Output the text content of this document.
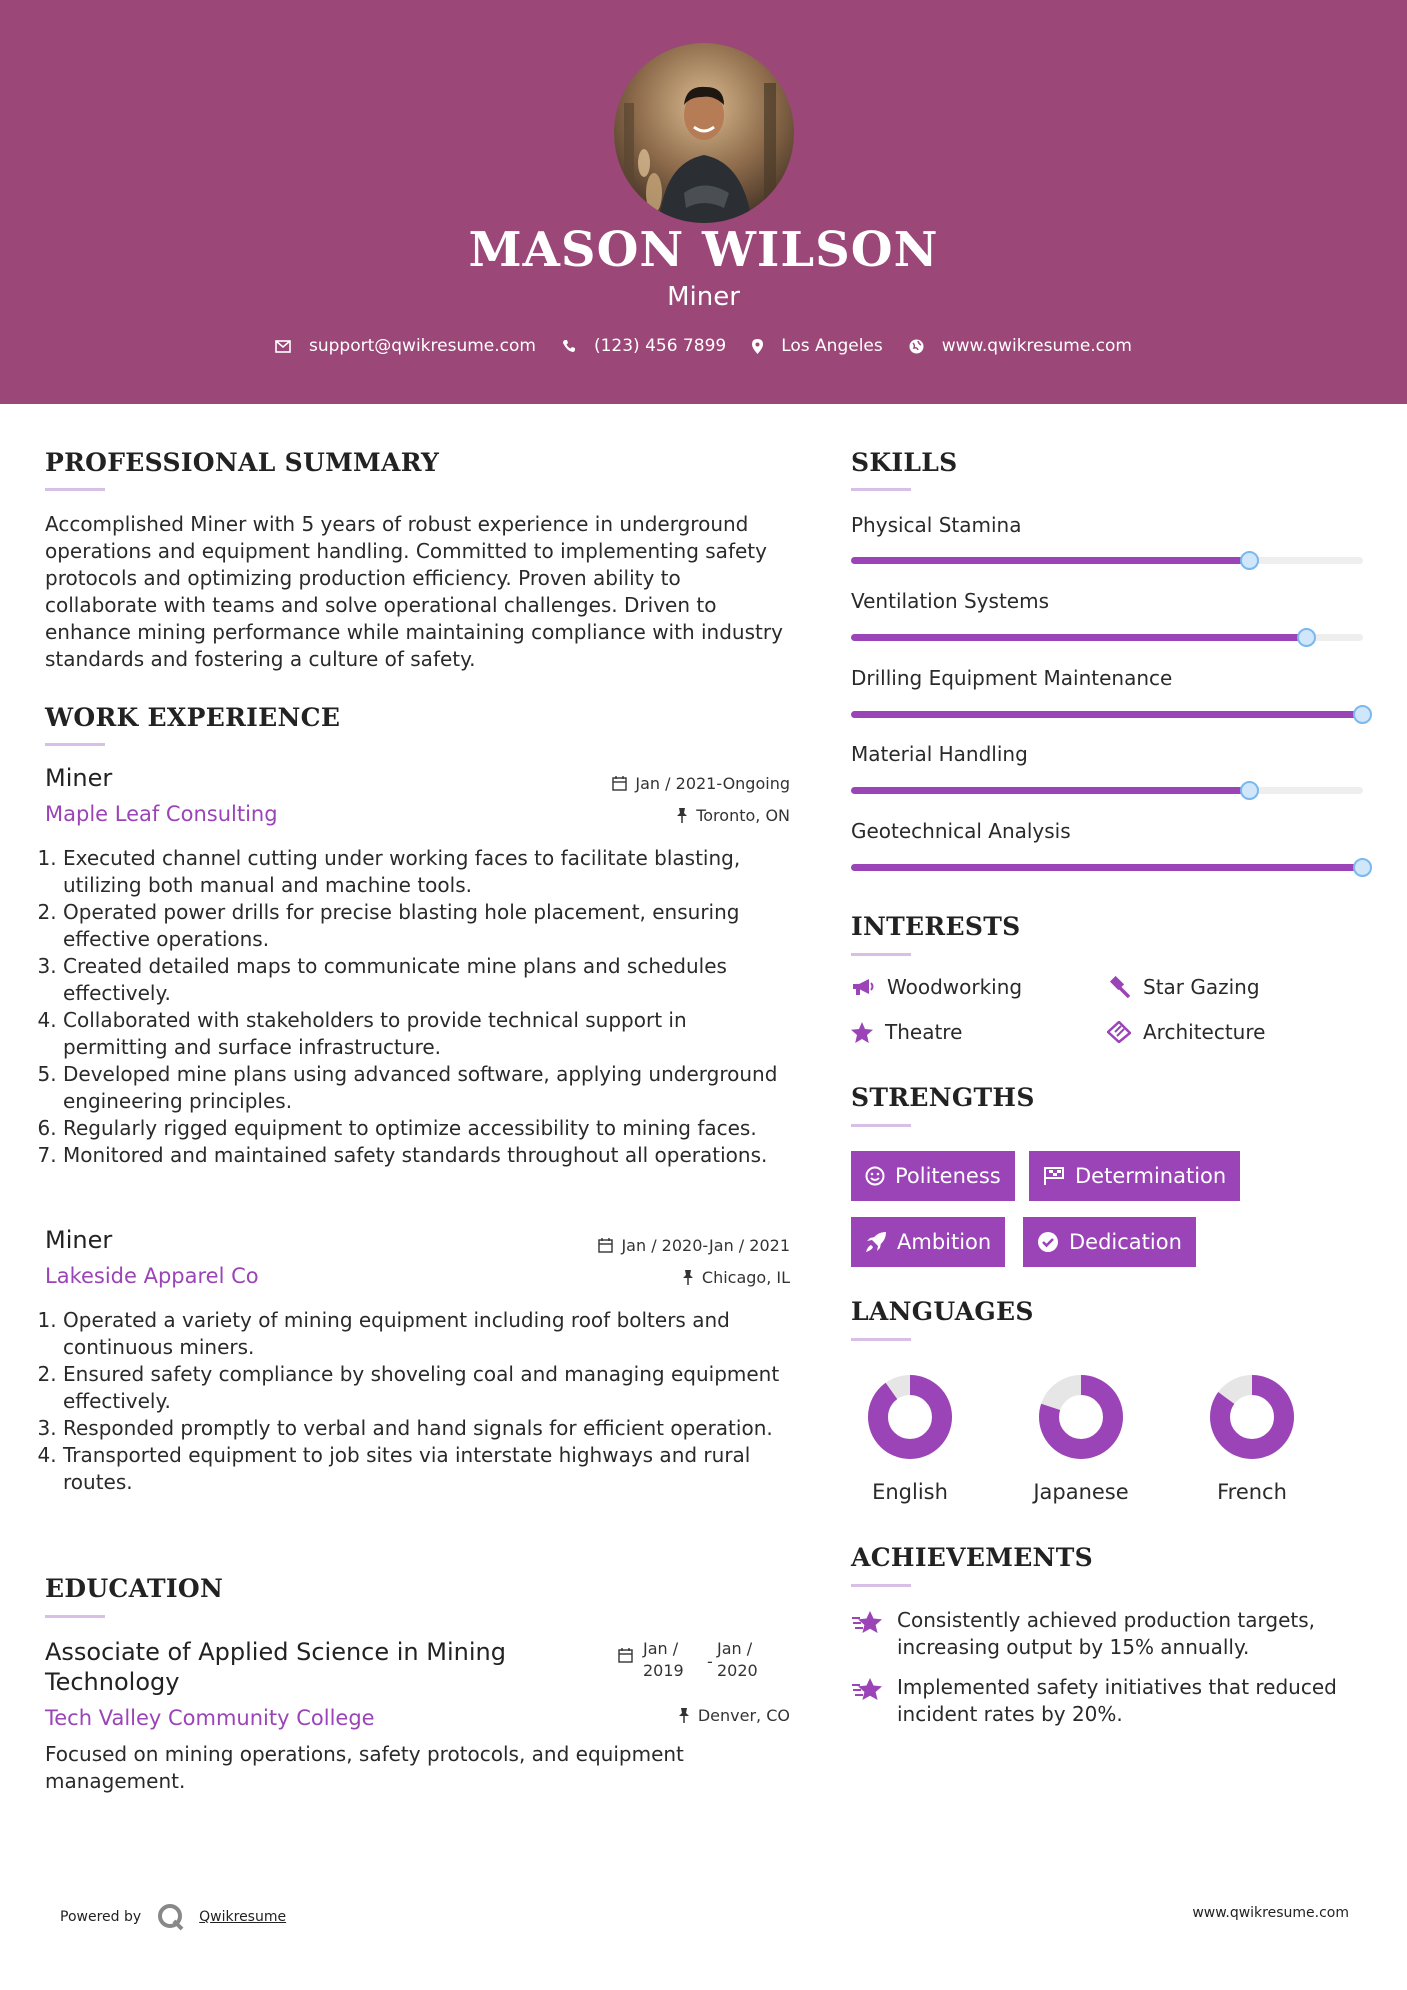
MASON WILSON
Miner
support@qwikresume.com	(123) 456 7899	Los Angeles	www.qwikresume.com
PROFESSIONAL SUMMARY
Accomplished Miner with 5 years of robust experience in underground operations and equipment handling. Committed to implementing safety protocols and optimizing production efficiency. Proven ability to collaborate with teams and solve operational challenges. Driven to enhance mining performance while maintaining compliance with industry standards and fostering a culture of safety.
WORK EXPERIENCE
Miner	Jan / 2021-Ongoing
Maple Leaf Consulting	Toronto, ON
1. Executed channel cutting under working faces to facilitate blasting, utilizing both manual and machine tools.
2. Operated power drills for precise blasting hole placement, ensuring effective operations.
3. Created detailed maps to communicate mine plans and schedules effectively.
4. Collaborated with stakeholders to provide technical support in permitting and surface infrastructure.
5. Developed mine plans using advanced software, applying underground engineering principles.
6. Regularly rigged equipment to optimize accessibility to mining faces.
7. Monitored and maintained safety standards throughout all operations.
Miner	Jan / 2020-Jan / 2021
Lakeside Apparel Co	Chicago, IL
1. Operated a variety of mining equipment including roof bolters and continuous miners.
2. Ensured safety compliance by shoveling coal and managing equipment effectively.
3. Responded promptly to verbal and hand signals for efficient operation.
4. Transported equipment to job sites via interstate highways and rural routes.
EDUCATION
Associate of Applied Science in Mining Technology
Jan / 2019	-
Jan / 2020
Tech Valley Community College	Denver, CO
Focused on mining operations, safety protocols, and equipment management.
SKILLS
Physical Stamina
Ventilation Systems
Drilling Equipment Maintenance
Material Handling
Geotechnical Analysis
INTERESTS
Woodworking	Star Gazing
Theatre	Architecture
STRENGTHS
Politeness	Determination
Ambition	Dedication
LANGUAGES
English	Japanese	French
ACHIEVEMENTS
Consistently achieved production targets, increasing output by 15% annually.
Implemented safety initiatives that reduced incident rates by 20%.
Powered by	Qwikresume	www.qwikresume.com
